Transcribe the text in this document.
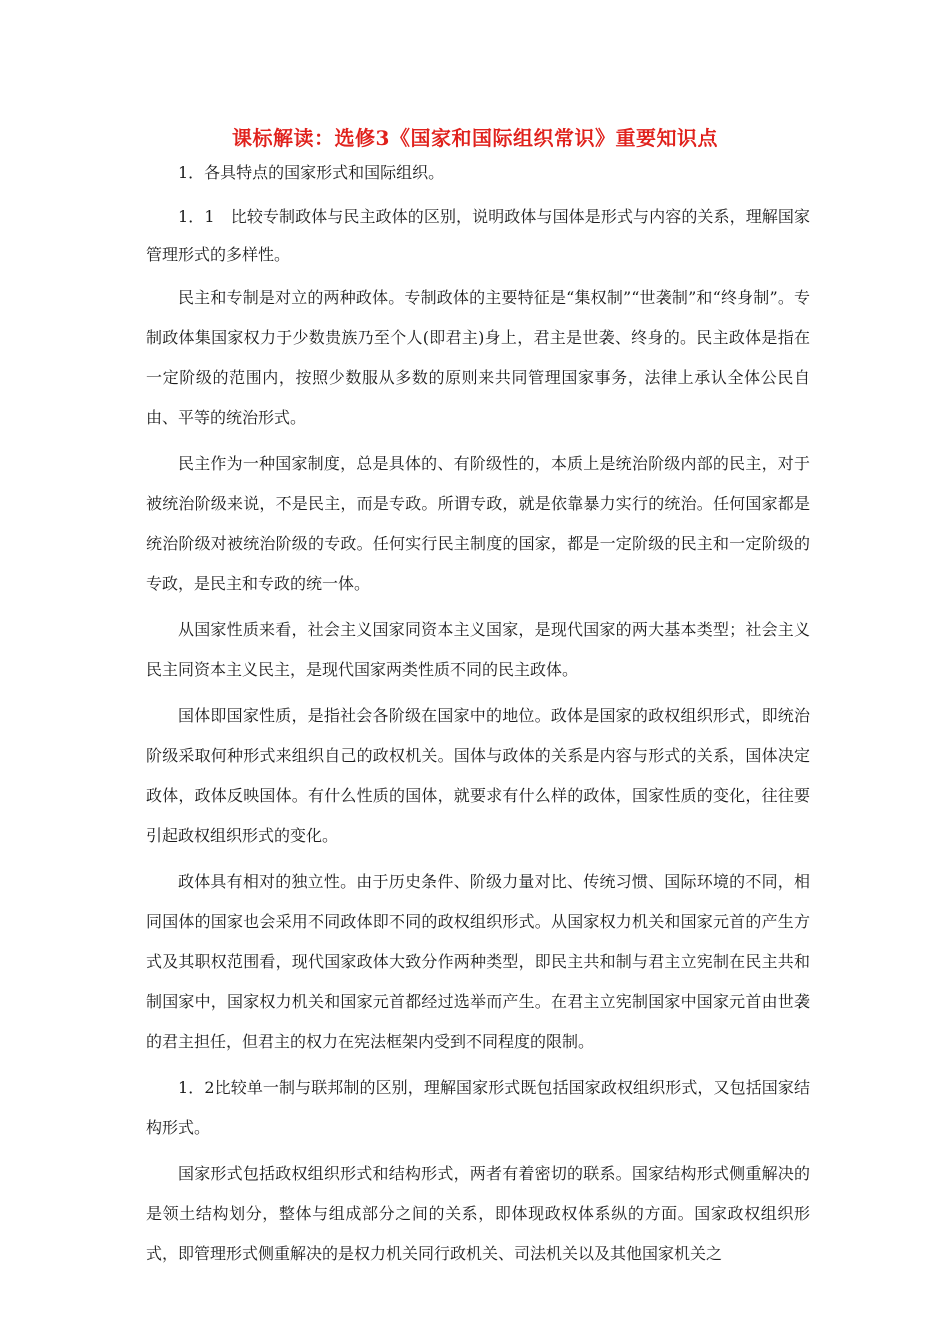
课标解读：选修3《国家和国际组织常识》重要知识点

1．各具特点的国家形式和国际组织。

1．1　比较专制政体与民主政体的区别，说明政体与国体是形式与内容的关系，理解国家管理形式的多样性。

民主和专制是对立的两种政体。专制政体的主要特征是“集权制”“世袭制”和“终身制”。专制政体集国家权力于少数贵族乃至个人(即君主)身上，君主是世袭、终身的。民主政体是指在一定阶级的范围内，按照少数服从多数的原则来共同管理国家事务，法律上承认全体公民自由、平等的统治形式。

民主作为一种国家制度，总是具体的、有阶级性的，本质上是统治阶级内部的民主，对于被统治阶级来说，不是民主，而是专政。所谓专政，就是依靠暴力实行的统治。任何国家都是统治阶级对被统治阶级的专政。任何实行民主制度的国家，都是一定阶级的民主和一定阶级的专政，是民主和专政的统一体。

从国家性质来看，社会主义国家同资本主义国家，是现代国家的两大基本类型；社会主义民主同资本主义民主，是现代国家两类性质不同的民主政体。

国体即国家性质，是指社会各阶级在国家中的地位。政体是国家的政权组织形式，即统治阶级采取何种形式来组织自己的政权机关。国体与政体的关系是内容与形式的关系，国体决定政体，政体反映国体。有什么性质的国体，就要求有什么样的政体，国家性质的变化，往往要引起政权组织形式的变化。

政体具有相对的独立性。由于历史条件、阶级力量对比、传统习惯、国际环境的不同，相同国体的国家也会采用不同政体即不同的政权组织形式。从国家权力机关和国家元首的产生方式及其职权范围看，现代国家政体大致分作两种类型，即民主共和制与君主立宪制在民主共和制国家中，国家权力机关和国家元首都经过选举而产生。在君主立宪制国家中国家元首由世袭的君主担任，但君主的权力在宪法框架内受到不同程度的限制。

1．2比较单一制与联邦制的区别，理解国家形式既包括国家政权组织形式，又包括国家结构形式。

国家形式包括政权组织形式和结构形式，两者有着密切的联系。国家结构形式侧重解决的是领土结构划分，整体与组成部分之间的关系，即体现政权体系纵的方面。国家政权组织形式，即管理形式侧重解决的是权力机关同行政机关、司法机关以及其他国家机关之
